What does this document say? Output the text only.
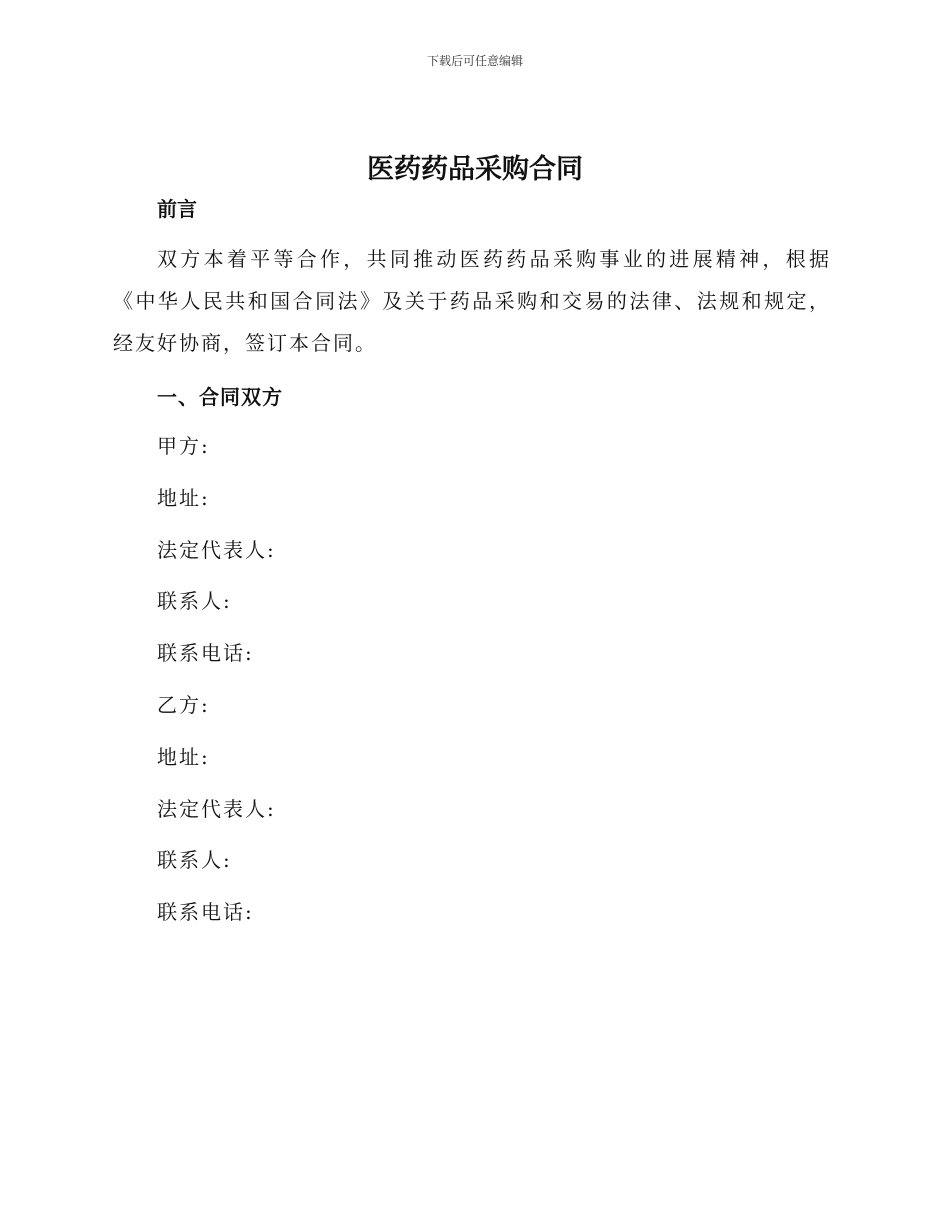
下载后可任意编辑
医药药品采购合同
前言

双方本着平等合作，共同推动医药药品采购事业的进展精神，根据《中华人民共和国合同法》及关于药品采购和交易的法律、法规和规定，经友好协商，签订本合同。

一、合同双方
甲方:
地址:
法定代表人:
联系人:
联系电话:
乙方:
地址:
法定代表人:
联系人:
联系电话:
